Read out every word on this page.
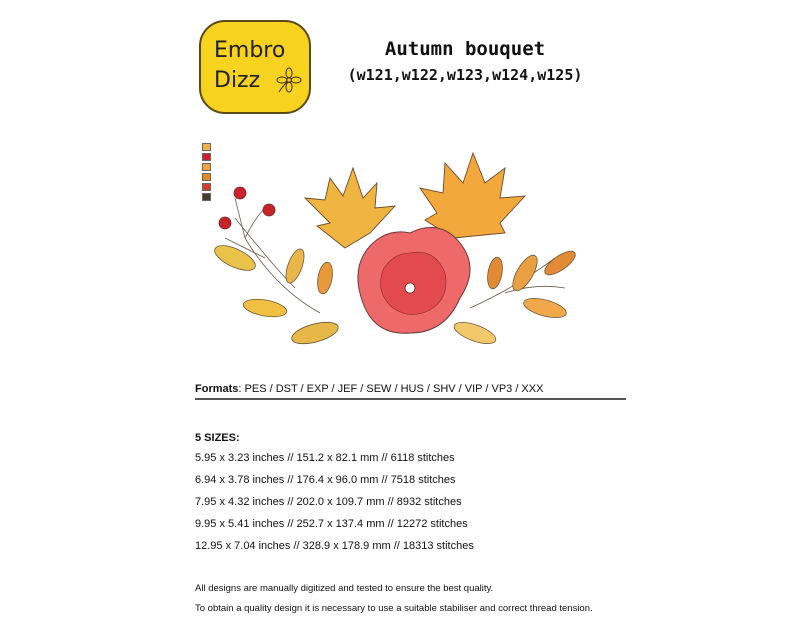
Embro
Dizz
Autumn bouquet
(w121,w122,w123,w124,w125)
Formats: PES / DST / EXP / JEF / SEW / HUS / SHV / VIP / VP3 / XXX
5 SIZES:
5.95 x 3.23 inches // 151.2 x 82.1 mm // 6118 stitches
6.94 x 3.78 inches // 176.4 x 96.0 mm // 7518 stitches
7.95 x 4.32 inches // 202.0 x 109.7 mm // 8932 stitches
9.95 x 5.41 inches // 252.7 x 137.4 mm // 12272 stitches
12.95 x 7.04 inches // 328.9 x 178.9 mm // 18313 stitches
All designs are manually digitized and tested to ensure the best quality.
To obtain a quality design it is necessary to use a suitable stabiliser and correct thread tension.
